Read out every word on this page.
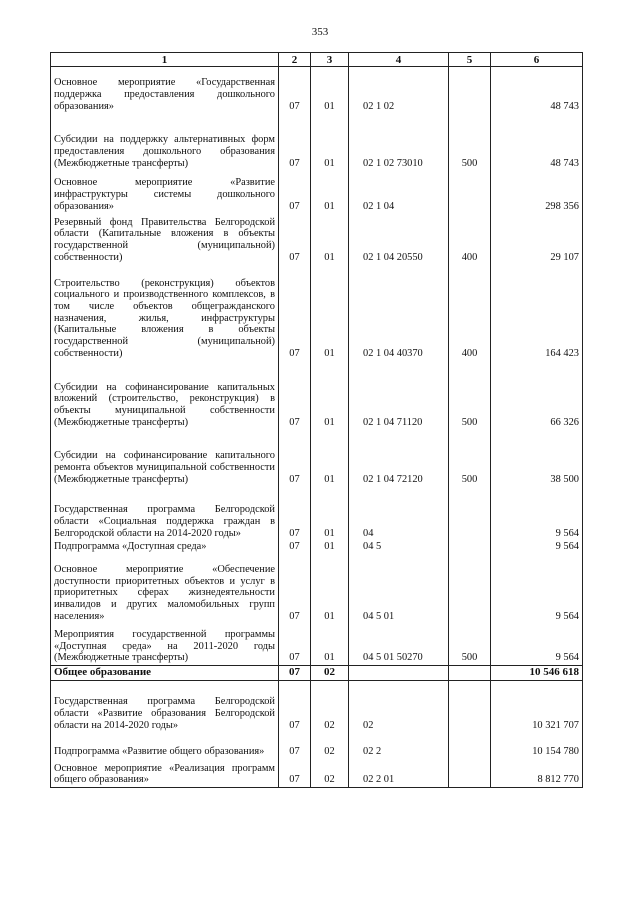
353
1	2	3	4	5	6
Основное мероприятие «Государственная поддержка предоставления дошкольного образования»	07	01	02 1 02		48 743
Субсидии на поддержку альтернативных форм предоставления дошкольного образования (Межбюджетные трансферты)	07	01	02 1 02 73010	500	48 743
Основное мероприятие «Развитие инфраструктуры системы дошкольного образования»	07	01	02 1 04		298 356
Резервный фонд Правительства Белгородской области (Капитальные вложения в объекты государственной (муниципальной) собственности)	07	01	02 1 04 20550	400	29 107
Строительство (реконструкция) объектов социального и производственного комплексов, в том числе объектов общегражданского назначения, жилья, инфраструктуры (Капитальные вложения в объекты государственной (муниципальной) собственности)	07	01	02 1 04 40370	400	164 423
Субсидии на софинансирование капитальных вложений (строительство, реконструкция) в объекты муниципальной собственности (Межбюджетные трансферты)	07	01	02 1 04 71120	500	66 326
Субсидии на софинансирование капитального ремонта объектов муниципальной собственности (Межбюджетные трансферты)	07	01	02 1 04 72120	500	38 500
Государственная программа Белгородской области «Социальная поддержка граждан в Белгородской области на 2014-2020 годы»	07	01	04		9 564
Подпрограмма «Доступная среда»	07	01	04 5		9 564
Основное мероприятие «Обеспечение доступности приоритетных объектов и услуг в приоритетных сферах жизнедеятельности инвалидов и других маломобильных групп населения»	07	01	04 5 01		9 564
Мероприятия государственной программы «Доступная среда» на 2011-2020 годы (Межбюджетные трансферты)	07	01	04 5 01 50270	500	9 564
Общее образование	07	02			10 546 618
Государственная программа Белгородской области «Развитие образования Белгородской области на 2014-2020 годы»	07	02	02		10 321 707
Подпрограмма «Развитие общего образования»	07	02	02 2		10 154 780
Основное мероприятие «Реализация программ общего образования»	07	02	02 2 01		8 812 770
